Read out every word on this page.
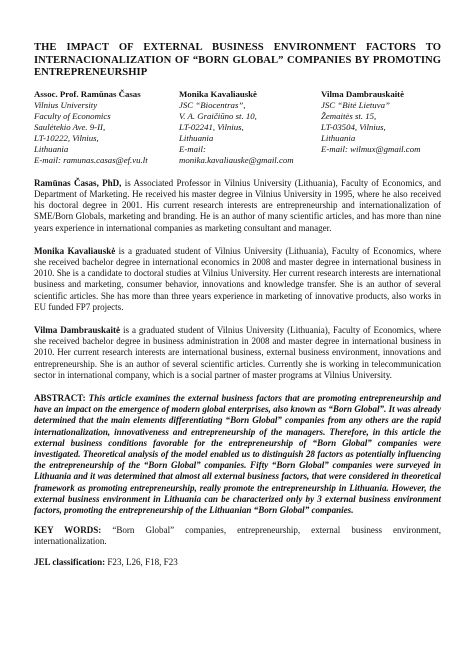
THE IMPACT OF EXTERNAL BUSINESS ENVIRONMENT FACTORS TO INTERNACIONALIZATION OF “BORN GLOBAL” COMPANIES BY PROMOTING ENTREPRENEURSHIP
Assoc. Prof. Ramūnas Časas
Vilnius University
Faculty of Economics
Saulėtekio Ave. 9-II,
LT-10222, Vilnius,
Lithuania
E-mail: ramunas.casas@ef.vu.lt
Monika Kavaliauskė
JSC “Biocentras”,
V. A. Graičiūno st. 10,
LT-02241, Vilnius,
Lithuania
E-mail:
monika.kavaliauske@gmail.com
Vilma Dambrauskaitė
JSC “Bitė Lietuva”
Žemaitės st. 15,
LT-03504, Vilnius,
Lithuania
E-mail: wilmux@gmail.com

Ramūnas Časas, PhD, is Associated Professor in Vilnius University (Lithuania), Faculty of Economics, and Department of Marketing. He received his master degree in Vilnius University in 1995, where he also received his doctoral degree in 2001. His current research interests are entrepreneurship and internationalization of SME/Born Globals, marketing and branding. He is an author of many scientific articles, and has more than nine years experience in international companies as marketing consultant and manager.

Monika Kavaliauskė is a graduated student of Vilnius University (Lithuania), Faculty of Economics, where she received bachelor degree in international economics in 2008 and master degree in international business in 2010. She is a candidate to doctoral studies at Vilnius University. Her current research interests are international business and marketing, consumer behavior, innovations and knowledge transfer. She is an author of several scientific articles. She has more than three years experience in marketing of innovative products, also works in EU funded FP7 projects.

Vilma Dambrauskaitė is a graduated student of Vilnius University (Lithuania), Faculty of Economics, where she received bachelor degree in business administration in 2008 and master degree in international business in 2010. Her current research interests are international business, external business environment, innovations and entrepreneurship. She is an author of several scientific articles. Currently she is working in telecommunication sector in international company, which is a social partner of master programs at Vilnius University.

ABSTRACT: This article examines the external business factors that are promoting entrepreneurship and have an impact on the emergence of modern global enterprises, also known as “Born Global”. It was already determined that the main elements differentiating “Born Global” companies from any others are the rapid internationalization, innovativeness and entrepreneurship of the managers. Therefore, in this article the external business conditions favorable for the entrepreneurship of “Born Global” companies were investigated. Theoretical analysis of the model enabled us to distinguish 28 factors as potentially influencing the entrepreneurship of the “Born Global” companies. Fifty “Born Global” companies were surveyed in Lithuania and it was determined that almost all external business factors, that were considered in theoretical framework as promoting entrepreneurship, really promote the entrepreneurship in Lithuania. However, the external business environment in Lithuania can be characterized only by 3 external business environment factors, promoting the entrepreneurship of the Lithuanian “Born Global” companies.

KEY WORDS: “Born Global” companies, entrepreneurship, external business environment, internationalization.

JEL classification: F23, L26, F18, F23
